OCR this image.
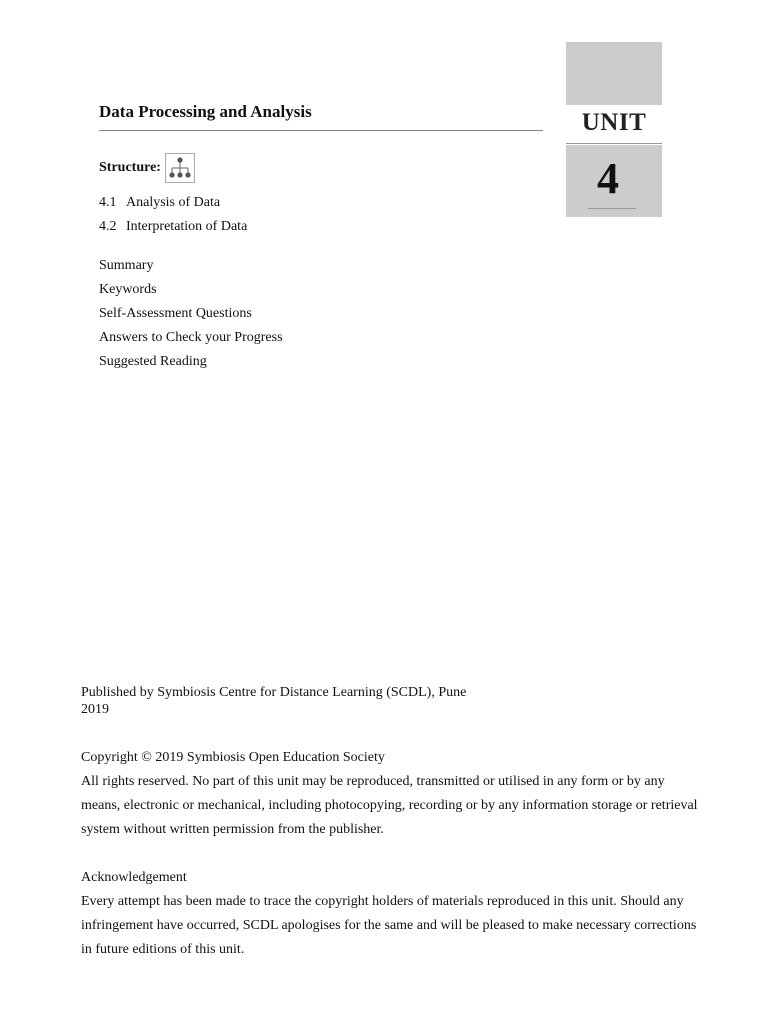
Data Processing and Analysis	UNIT
4
Structure:
4.1 Analysis of Data
4.2 Interpretation of Data
Summary
Keywords
Self-Assessment Questions
Answers to Check your Progress
Suggested Reading
Published by Symbiosis Centre for Distance Learning (SCDL), Pune
2019
Copyright © 2019 Symbiosis Open Education Society
All rights reserved. No part of this unit may be reproduced, transmitted or utilised in any form or by any means, electronic or mechanical, including photocopying, recording or by any information storage or retrieval system without written permission from the publisher.
Acknowledgement
Every attempt has been made to trace the copyright holders of materials reproduced in this unit. Should any infringement have occurred, SCDL apologises for the same and will be pleased to make necessary corrections in future editions of this unit.
